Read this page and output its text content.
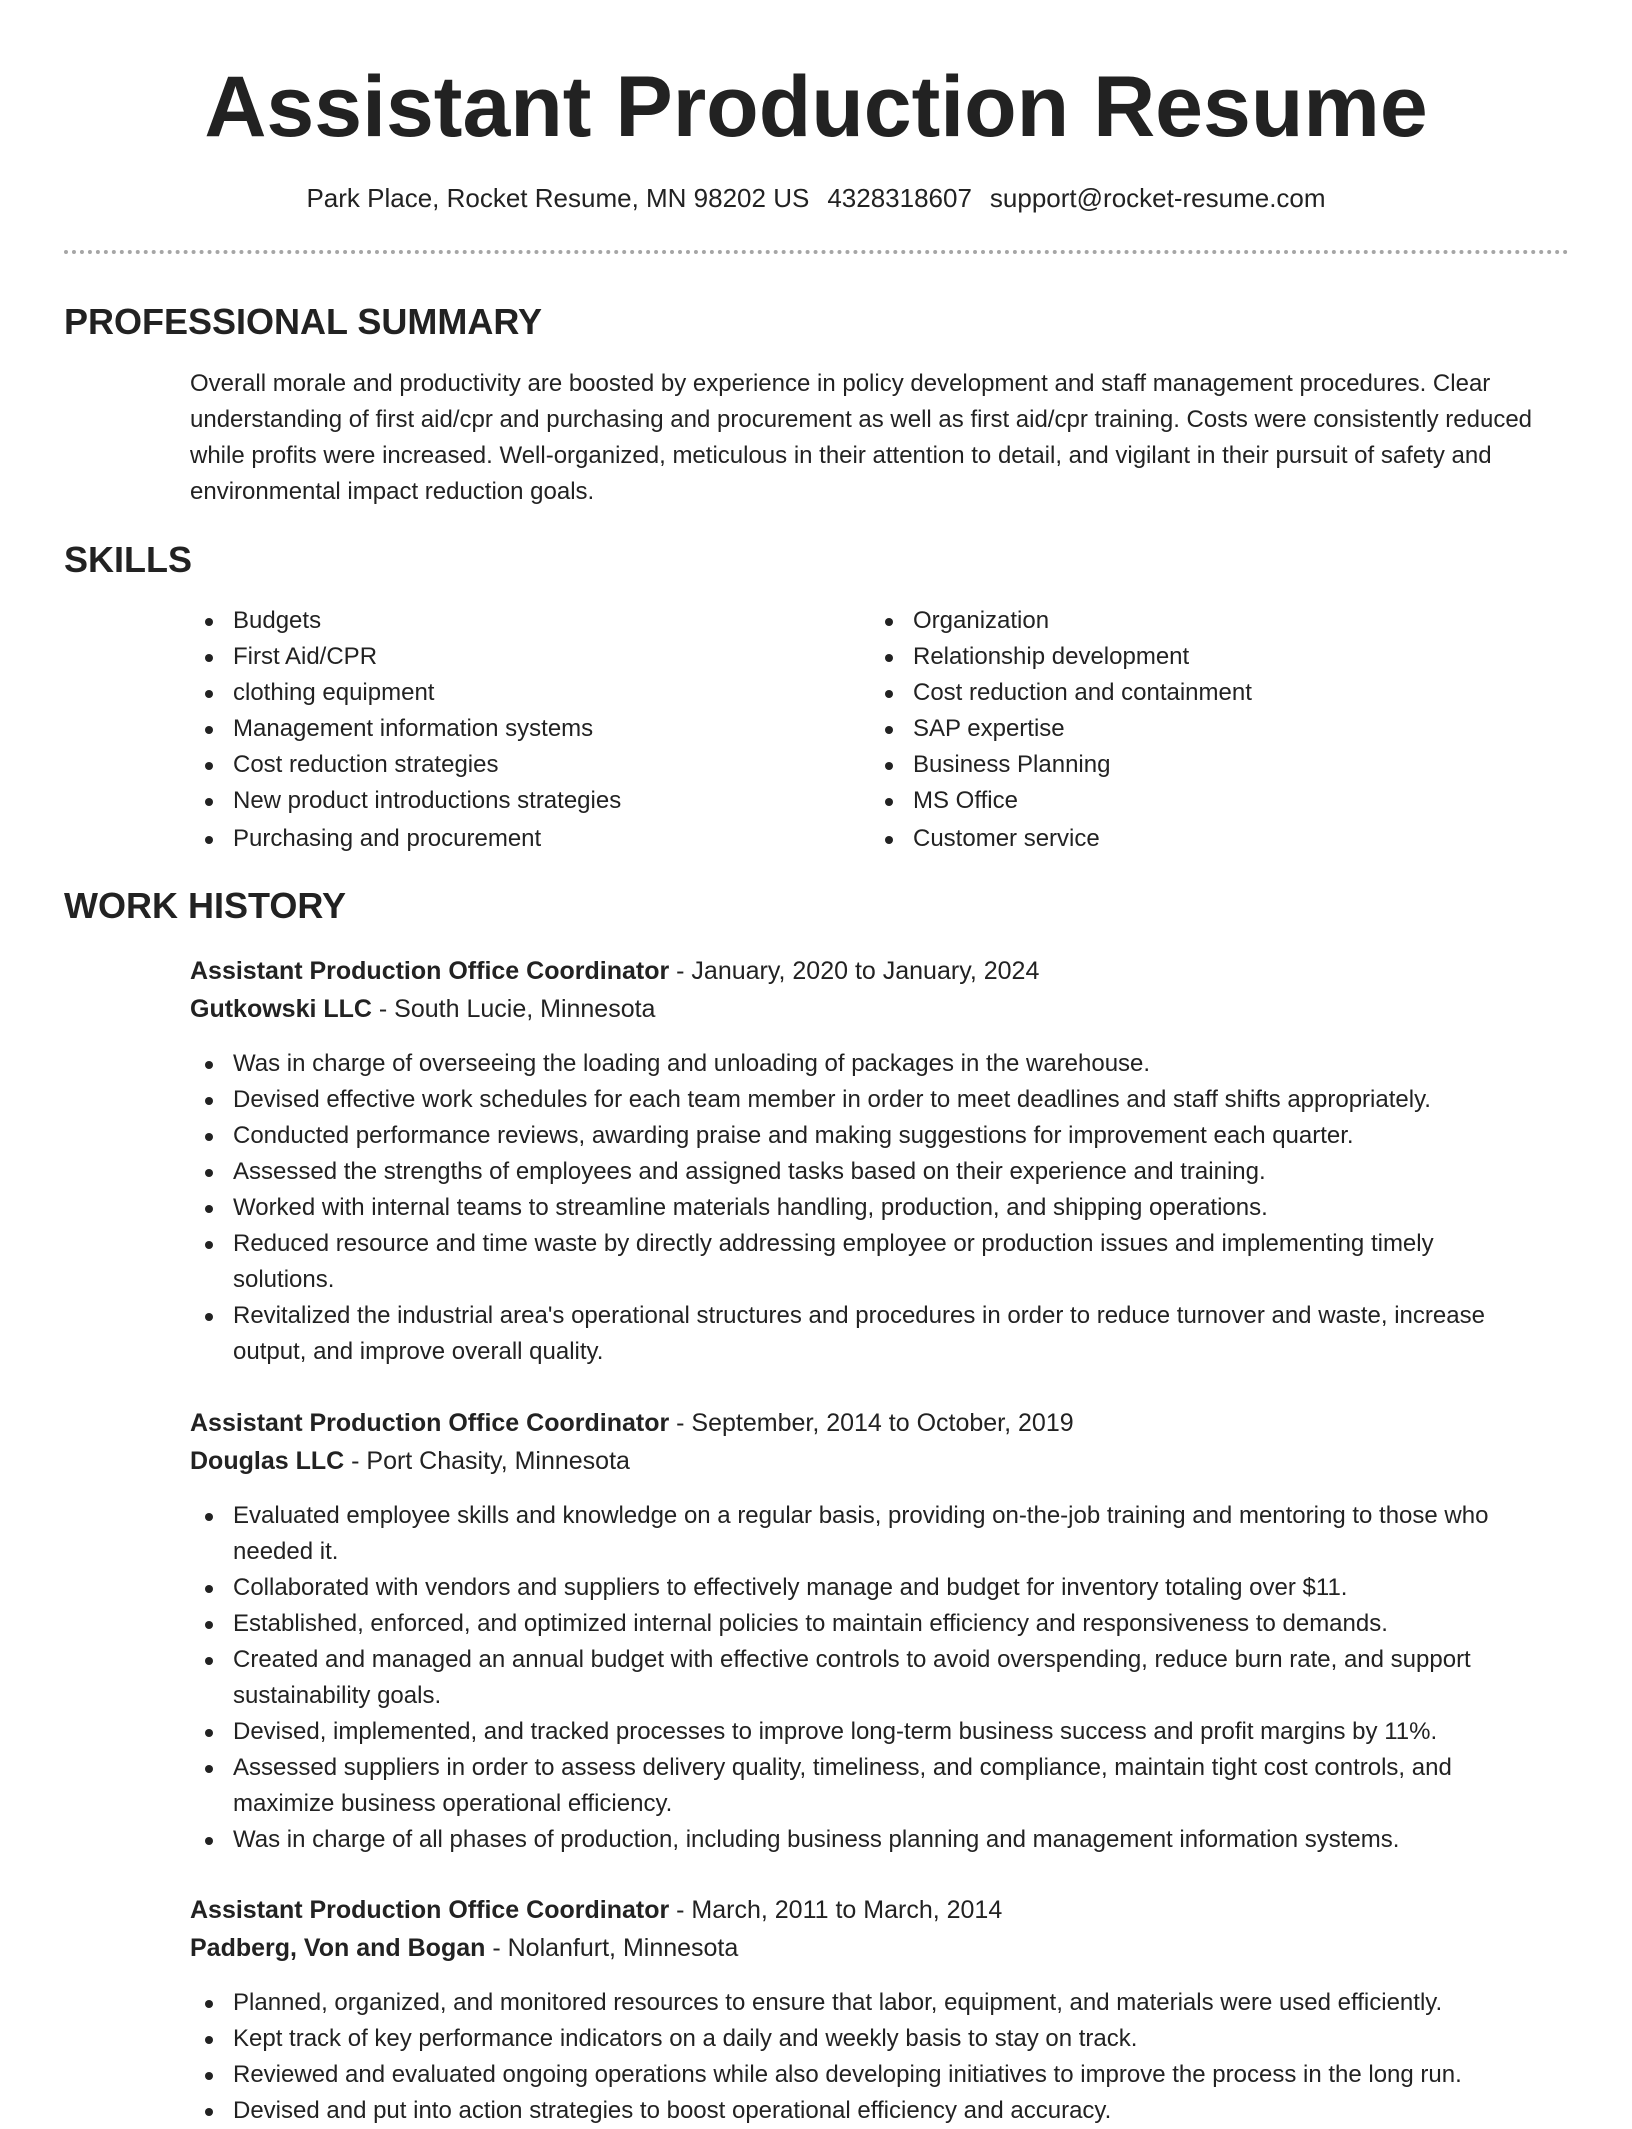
Assistant Production Resume
Park Place, Rocket Resume, MN 98202 US 4328318607 support@rocket-resume.com
PROFESSIONAL SUMMARY
Overall morale and productivity are boosted by experience in policy development and staff management procedures. Clear understanding of first aid/cpr and purchasing and procurement as well as first aid/cpr training. Costs were consistently reduced while profits were increased. Well-organized, meticulous in their attention to detail, and vigilant in their pursuit of safety and environmental impact reduction goals.
SKILLS
Budgets
First Aid/CPR
clothing equipment
Management information systems
Cost reduction strategies
New product introductions strategies
Purchasing and procurement
Organization
Relationship development
Cost reduction and containment
SAP expertise
Business Planning
MS Office
Customer service
WORK HISTORY
Assistant Production Office Coordinator - January, 2020 to January, 2024
Gutkowski LLC - South Lucie, Minnesota
Was in charge of overseeing the loading and unloading of packages in the warehouse.
Devised effective work schedules for each team member in order to meet deadlines and staff shifts appropriately.
Conducted performance reviews, awarding praise and making suggestions for improvement each quarter.
Assessed the strengths of employees and assigned tasks based on their experience and training.
Worked with internal teams to streamline materials handling, production, and shipping operations.
Reduced resource and time waste by directly addressing employee or production issues and implementing timely solutions.
Revitalized the industrial area's operational structures and procedures in order to reduce turnover and waste, increase output, and improve overall quality.
Assistant Production Office Coordinator - September, 2014 to October, 2019
Douglas LLC - Port Chasity, Minnesota
Evaluated employee skills and knowledge on a regular basis, providing on-the-job training and mentoring to those who needed it.
Collaborated with vendors and suppliers to effectively manage and budget for inventory totaling over $11.
Established, enforced, and optimized internal policies to maintain efficiency and responsiveness to demands.
Created and managed an annual budget with effective controls to avoid overspending, reduce burn rate, and support sustainability goals.
Devised, implemented, and tracked processes to improve long-term business success and profit margins by 11%.
Assessed suppliers in order to assess delivery quality, timeliness, and compliance, maintain tight cost controls, and maximize business operational efficiency.
Was in charge of all phases of production, including business planning and management information systems.
Assistant Production Office Coordinator - March, 2011 to March, 2014
Padberg, Von and Bogan - Nolanfurt, Minnesota
Planned, organized, and monitored resources to ensure that labor, equipment, and materials were used efficiently.
Kept track of key performance indicators on a daily and weekly basis to stay on track.
Reviewed and evaluated ongoing operations while also developing initiatives to improve the process in the long run.
Devised and put into action strategies to boost operational efficiency and accuracy.
